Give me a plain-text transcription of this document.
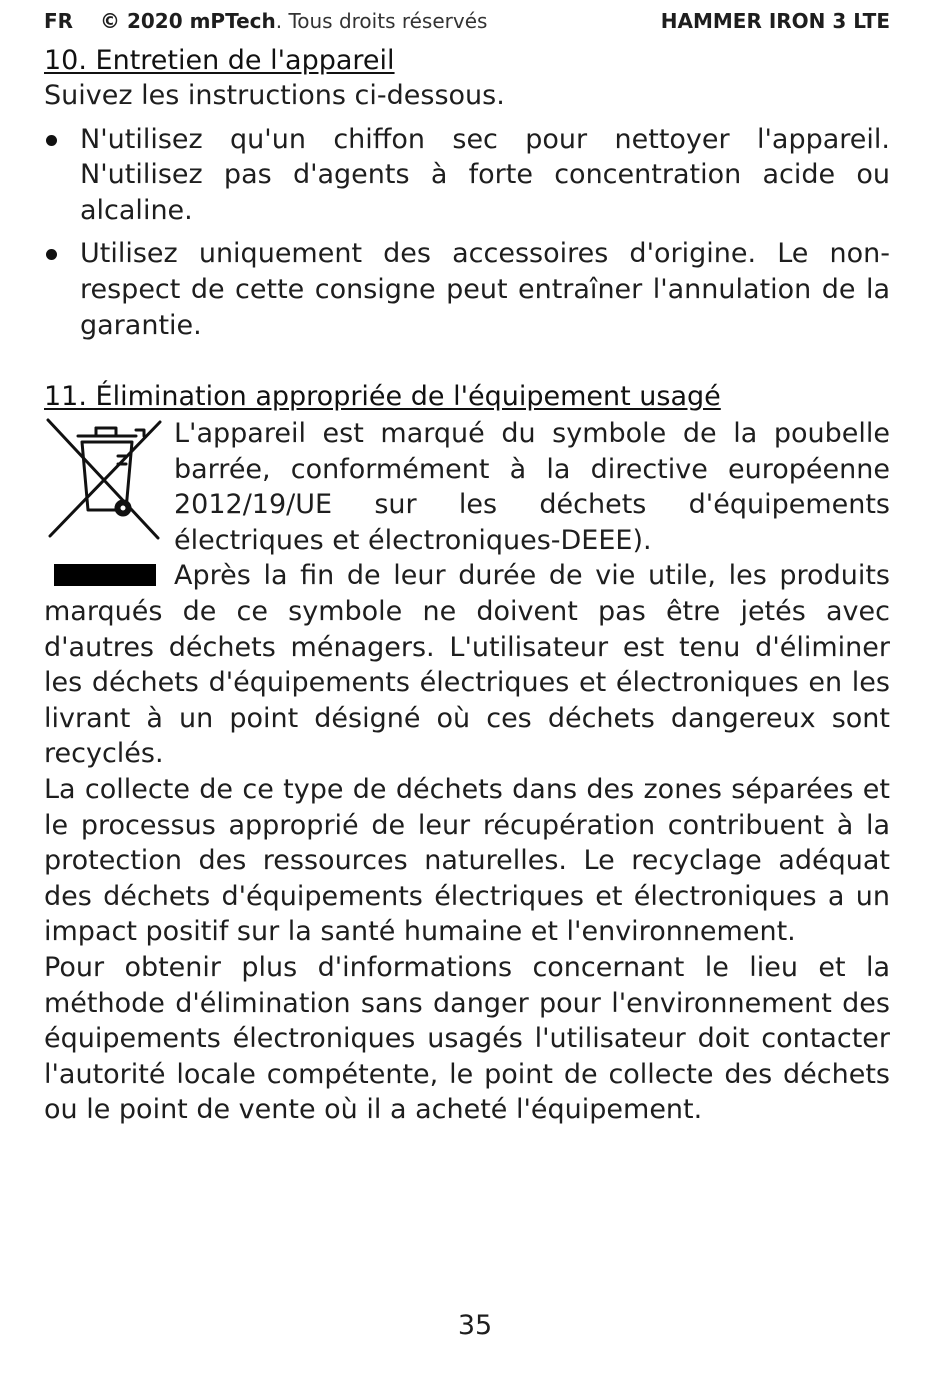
FR © 2020 mPTech. Tous droits réservés	HAMMER IRON 3 LTE
10. Entretien de l'appareil

Suivez les instructions ci-dessous.

N'utilisez qu'un chiffon sec pour nettoyer l'appareil. N'utilisez pas d'agents à forte concentration acide ou alcaline.
Utilisez uniquement des accessoires d'origine. Le non-respect de cette consigne peut entraîner l'annulation de la garantie.
11. Élimination appropriée de l'équipement usagé

L'appareil est marqué du symbole de la poubelle barrée, conformément à la directive européenne 2012/19/UE sur les déchets d'équipements électriques et électroniques-DEEE).

Après la fin de leur durée de vie utile, les produits marqués de ce symbole ne doivent pas être jetés avec d'autres déchets ménagers. L'utilisateur est tenu d'éliminer les déchets d'équipements électriques et électroniques en les livrant à un point désigné où ces déchets dangereux sont recyclés.

La collecte de ce type de déchets dans des zones séparées et le processus approprié de leur récupération contribuent à la protection des ressources naturelles. Le recyclage adéquat des déchets d'équipements électriques et électroniques a un impact positif sur la santé humaine et l'environnement.

Pour obtenir plus d'informations concernant le lieu et la méthode d'élimination sans danger pour l'environnement des équipements électroniques usagés l'utilisateur doit contacter l'autorité locale compétente, le point de collecte des déchets ou le point de vente où il a acheté l'équipement.

35
